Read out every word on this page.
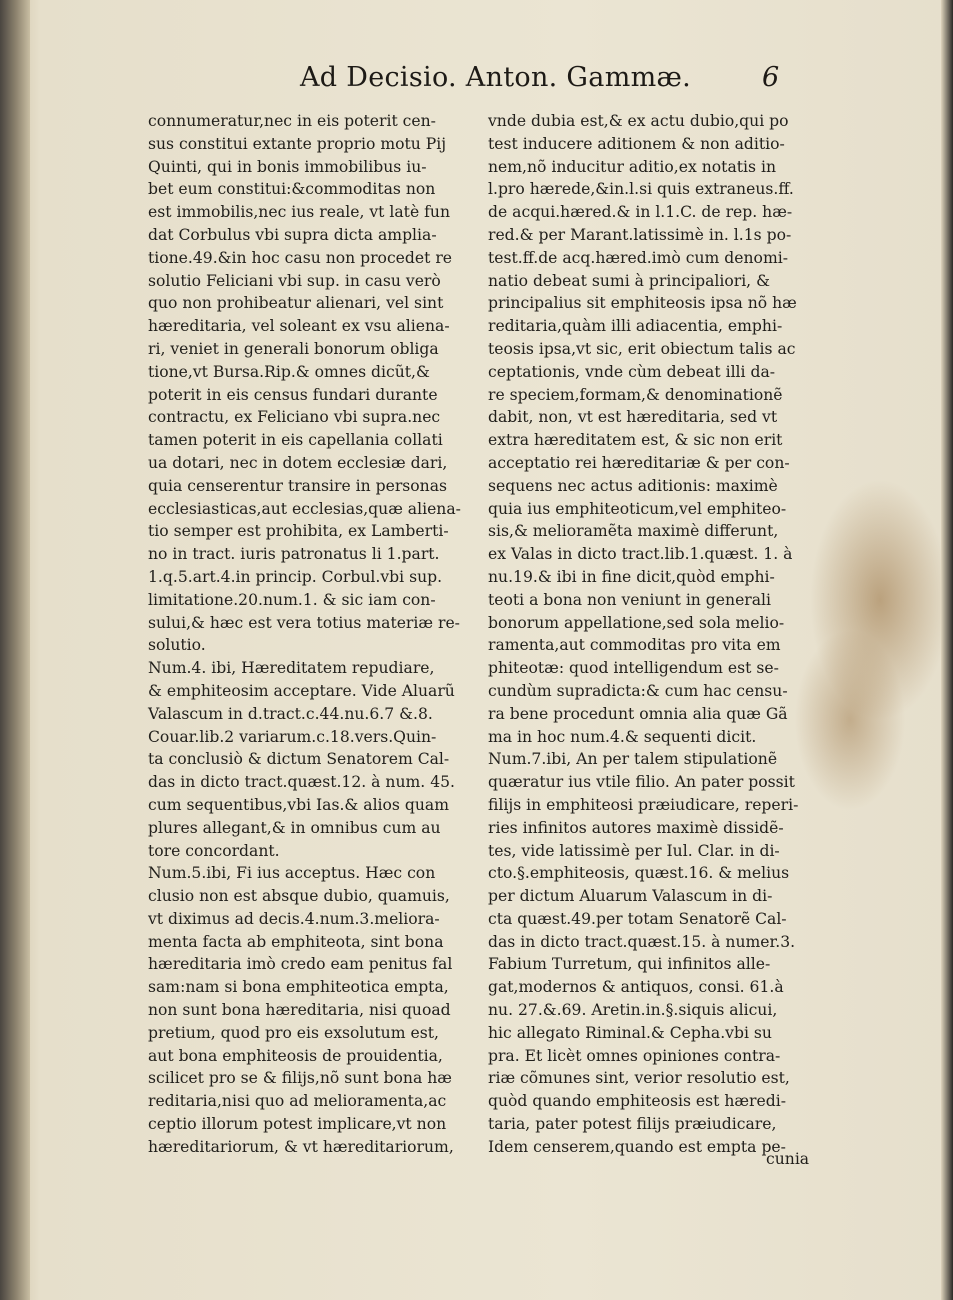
Ad Decisio. Anton. Gammæ.	6
connumeratur,nec in eis poterit cen-
sus constitui extante proprio motu Pij
Quinti, qui in bonis immobilibus iu-
bet eum constitui:&commoditas non
est immobilis,nec ius reale, vt latè fun
dat Corbulus vbi supra dicta amplia-
tione.49.&in hoc casu non procedet re
solutio Feliciani vbi sup. in casu verò
quo non prohibeatur alienari, vel sint
hæreditaria, vel soleant ex vsu aliena-
ri, veniet in generali bonorum obliga
tione,vt Bursa.Rip.& omnes dicũt,&
poterit in eis census fundari durante
contractu, ex Feliciano vbi supra.nec
tamen poterit in eis capellania collati
ua dotari, nec in dotem ecclesiæ dari,
quia censerentur transire in personas
ecclesiasticas,aut ecclesias,quæ aliena-
tio semper est prohibita, ex Lamberti-
no in tract. iuris patronatus li 1.part.
1.q.5.art.4.in princip. Corbul.vbi sup.
limitatione.20.num.1. & sic iam con-
sului,& hæc est vera totius materiæ re-
solutio.
Num.4. ibi, Hæreditatem repudiare,
& emphiteosim acceptare. Vide Aluarũ
Valascum in d.tract.c.44.nu.6.7 &.8.
Couar.lib.2 variarum.c.18.vers.Quin-
ta conclusiò & dictum Senatorem Cal-
das in dicto tract.quæst.12. à num. 45.
cum sequentibus,vbi Ias.& alios quam
plures allegant,& in omnibus cum au
tore concordant.
Num.5.ibi, Fi ius acceptus. Hæc con
clusio non est absque dubio, quamuis,
vt diximus ad decis.4.num.3.meliora-
menta facta ab emphiteota, sint bona
hæreditaria imò credo eam penitus fal
sam:nam si bona emphiteotica empta,
non sunt bona hæreditaria, nisi quoad
pretium, quod pro eis exsolutum est,
aut bona emphiteosis de prouidentia,
scilicet pro se & filijs,nõ sunt bona hæ
reditaria,nisi quo ad melioramenta,ac
ceptio illorum potest implicare,vt non
hæreditariorum, & vt hæreditariorum,
vnde dubia est,& ex actu dubio,qui po
test inducere aditionem & non aditio-
nem,nõ inducitur aditio,ex notatis in
l.pro hærede,&in.l.si quis extraneus.ff.
de acqui.hæred.& in l.1.C. de rep. hæ-
red.& per Marant.latissimè in. l.1s po-
test.ff.de acq.hæred.imò cum denomi-
natio debeat sumi à principaliori, &
principalius sit emphiteosis ipsa nõ hæ
reditaria,quàm illi adiacentia, emphi-
teosis ipsa,vt sic, erit obiectum talis ac
ceptationis, vnde cùm debeat illi da-
re speciem,formam,& denominationẽ
dabit, non, vt est hæreditaria, sed vt
extra hæreditatem est, & sic non erit
acceptatio rei hæreditariæ & per con-
sequens nec actus aditionis: maximè
quia ius emphiteoticum,vel emphiteo-
sis,& melioramẽta maximè differunt,
ex Valas in dicto tract.lib.1.quæst. 1. à
nu.19.& ibi in fine dicit,quòd emphi-
teoti a bona non veniunt in generali
bonorum appellatione,sed sola melio-
ramenta,aut commoditas pro vita em
phiteotæ: quod intelligendum est se-
cundùm supradicta:& cum hac censu-
ra bene procedunt omnia alia quæ Gã
ma in hoc num.4.& sequenti dicit.
Num.7.ibi, An per talem stipulationẽ
quæratur ius vtile filio. An pater possit
filijs in emphiteosi præiudicare, reperi-
ries infinitos autores maximè dissidẽ-
tes, vide latissimè per Iul. Clar. in di-
cto.§.emphiteosis, quæst.16. & melius
per dictum Aluarum Valascum in di-
cta quæst.49.per totam Senatorẽ Cal-
das in dicto tract.quæst.15. à numer.3.
Fabium Turretum, qui infinitos alle-
gat,modernos & antiquos, consi. 61.à
nu. 27.&.69. Aretin.in.§.siquis alicui,
hic allegato Riminal.& Cepha.vbi su
pra. Et licèt omnes opiniones contra-
riæ cõmunes sint, verior resolutio est,
quòd quando emphiteosis est hæredi-
taria, pater potest filijs præiudicare,
Idem censerem,quando est empta pe-
cunia
